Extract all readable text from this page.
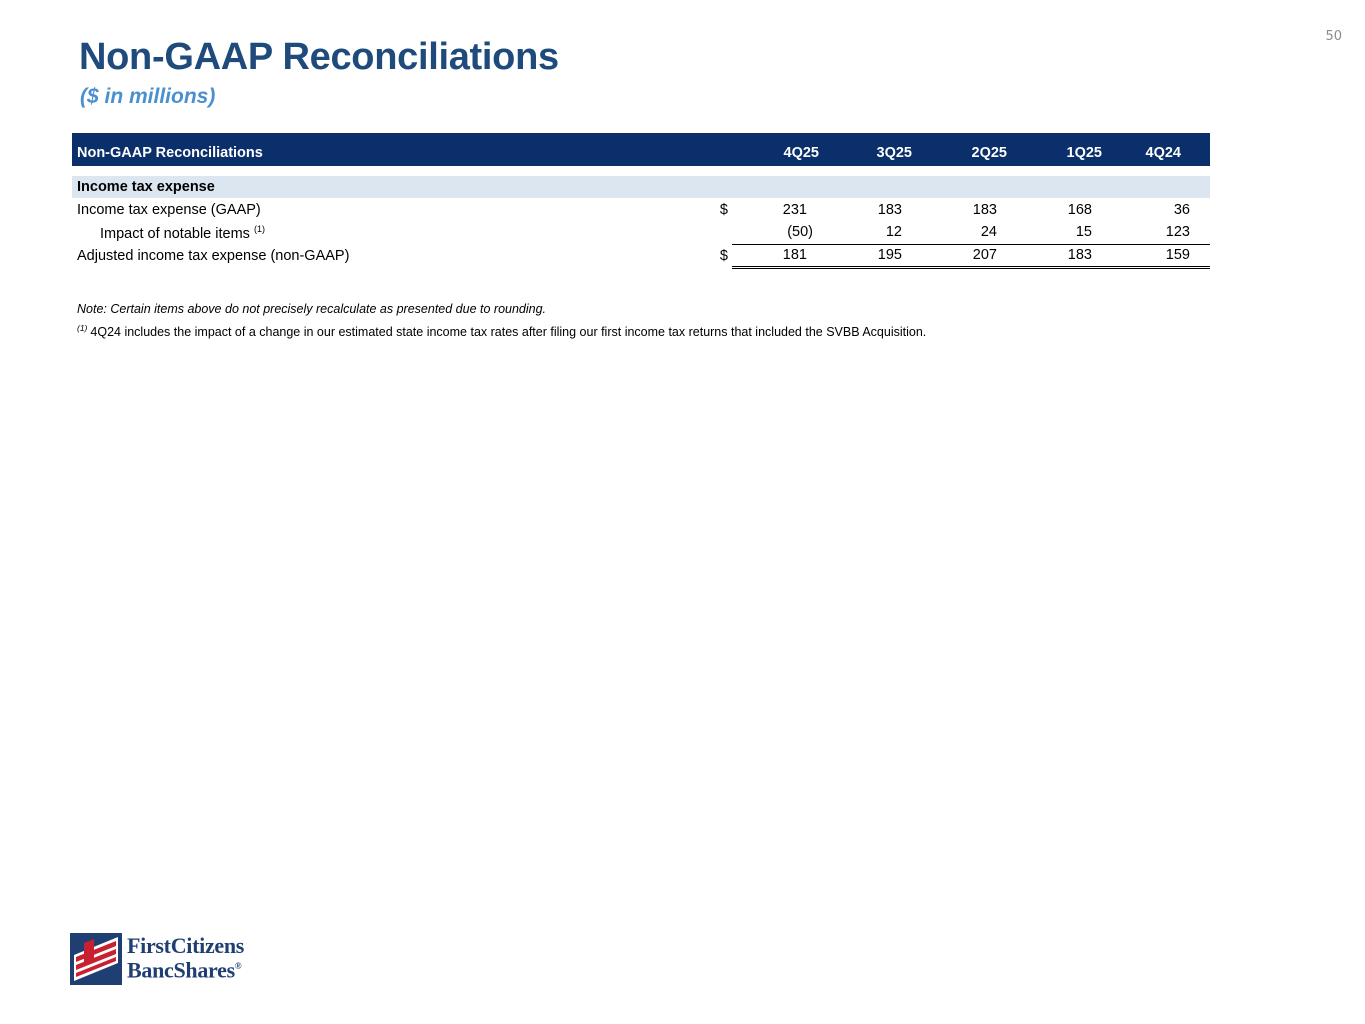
50
Non-GAAP Reconciliations
($ in millions)
Non-GAAP Reconciliations		4Q25	3Q25	2Q25	1Q25	4Q24

Income tax expense						
Income tax expense (GAAP)	$	231	183	183	168	36
Impact of notable items $^{(1)}$		(50)	12	24	15	123
Adjusted income tax expense (non-GAAP)	$	181	195	207	183	159

Note: Certain items above do not precisely recalculate as presented due to rounding.

$^{(1)}$ 4Q24 includes the impact of a change in our estimated state income tax rates after filing our first income tax returns that included the SVBB Acquisition.

FirstCitizens
BancShares®
